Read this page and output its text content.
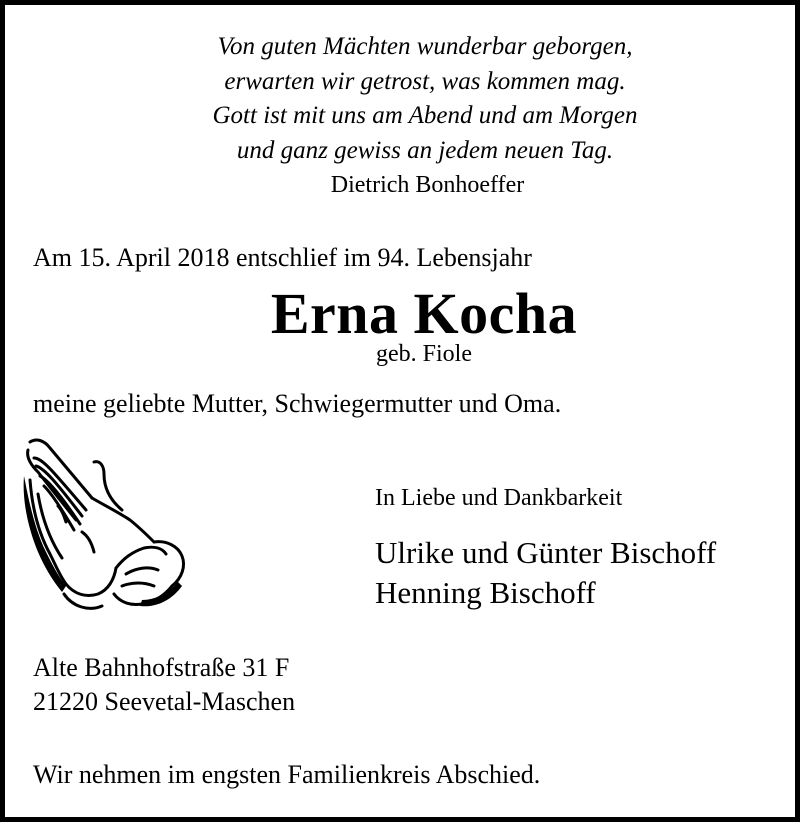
Von guten Mächten wunderbar geborgen,
erwarten wir getrost, was kommen mag.
Gott ist mit uns am Abend und am Morgen
und ganz gewiss an jedem neuen Tag.
Dietrich Bonhoeffer
Am 15. April 2018 entschlief im 94. Lebensjahr
Erna Kocha
geb. Fiole
meine geliebte Mutter, Schwiegermutter und Oma.
In Liebe und Dankbarkeit
Ulrike und Günter Bischoff
Henning Bischoff
Alte Bahnhofstraße 31 F
21220 Seevetal-Maschen
Wir nehmen im engsten Familienkreis Abschied.
